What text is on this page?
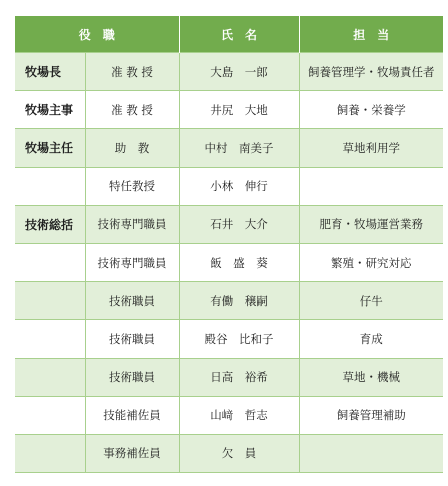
役　職		氏　名	担　当
牧場長	准 教 授	大島　一郎	飼養管理学・牧場責任者
牧場主事	准 教 授	井尻　大地	飼養・栄養学
牧場主任	助　教	中村　南美子	草地利用学
	特任教授	小林　伸行	
技術総括	技術専門職員	石井　大介	肥育・牧場運営業務
	技術専門職員	飯　盛　葵	繁殖・研究対応
	技術職員	有働　穣嗣	仔牛
	技術職員	殿谷　比和子	育成
	技術職員	日高　裕希	草地・機械
	技能補佐員	山﨑　哲志	飼養管理補助
	事務補佐員	欠　員	
